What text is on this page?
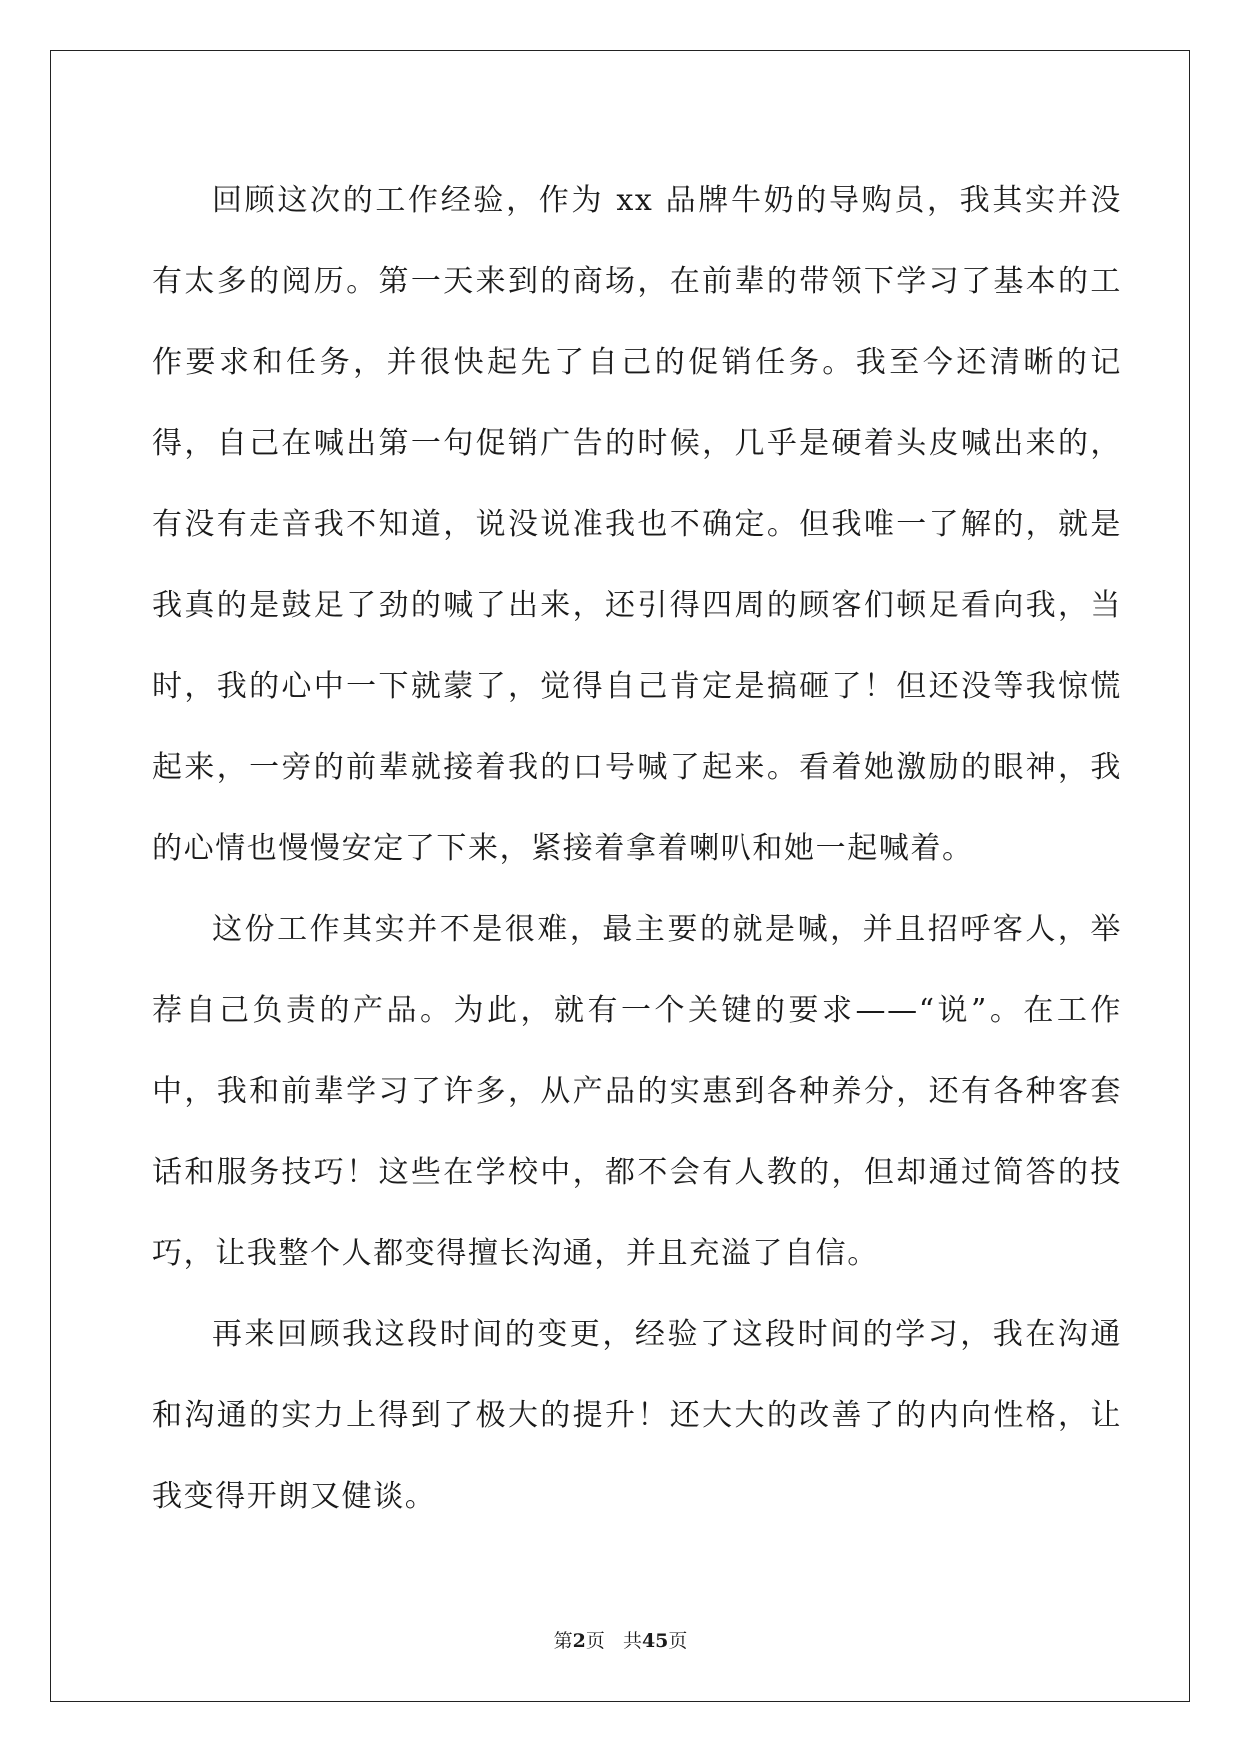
回顾这次的工作经验，作为 xx 品牌牛奶的导购员，我其实并没有太多的阅历。第一天来到的商场，在前辈的带领下学习了基本的工作要求和任务，并很快起先了自己的促销任务。我至今还清晰的记得，自己在喊出第一句促销广告的时候，几乎是硬着头皮喊出来的，有没有走音我不知道，说没说准我也不确定。但我唯一了解的，就是我真的是鼓足了劲的喊了出来，还引得四周的顾客们顿足看向我，当时，我的心中一下就蒙了，觉得自己肯定是搞砸了！但还没等我惊慌起来，一旁的前辈就接着我的口号喊了起来。看着她激励的眼神，我的心情也慢慢安定了下来，紧接着拿着喇叭和她一起喊着。

这份工作其实并不是很难，最主要的就是喊，并且招呼客人，举荐自己负责的产品。为此，就有一个关键的要求——“说”。在工作中，我和前辈学习了许多，从产品的实惠到各种养分，还有各种客套话和服务技巧！这些在学校中，都不会有人教的，但却通过简答的技巧，让我整个人都变得擅长沟通，并且充溢了自信。

再来回顾我这段时间的变更，经验了这段时间的学习，我在沟通和沟通的实力上得到了极大的提升！还大大的改善了的内向性格，让我变得开朗又健谈。

第2页   共45页
